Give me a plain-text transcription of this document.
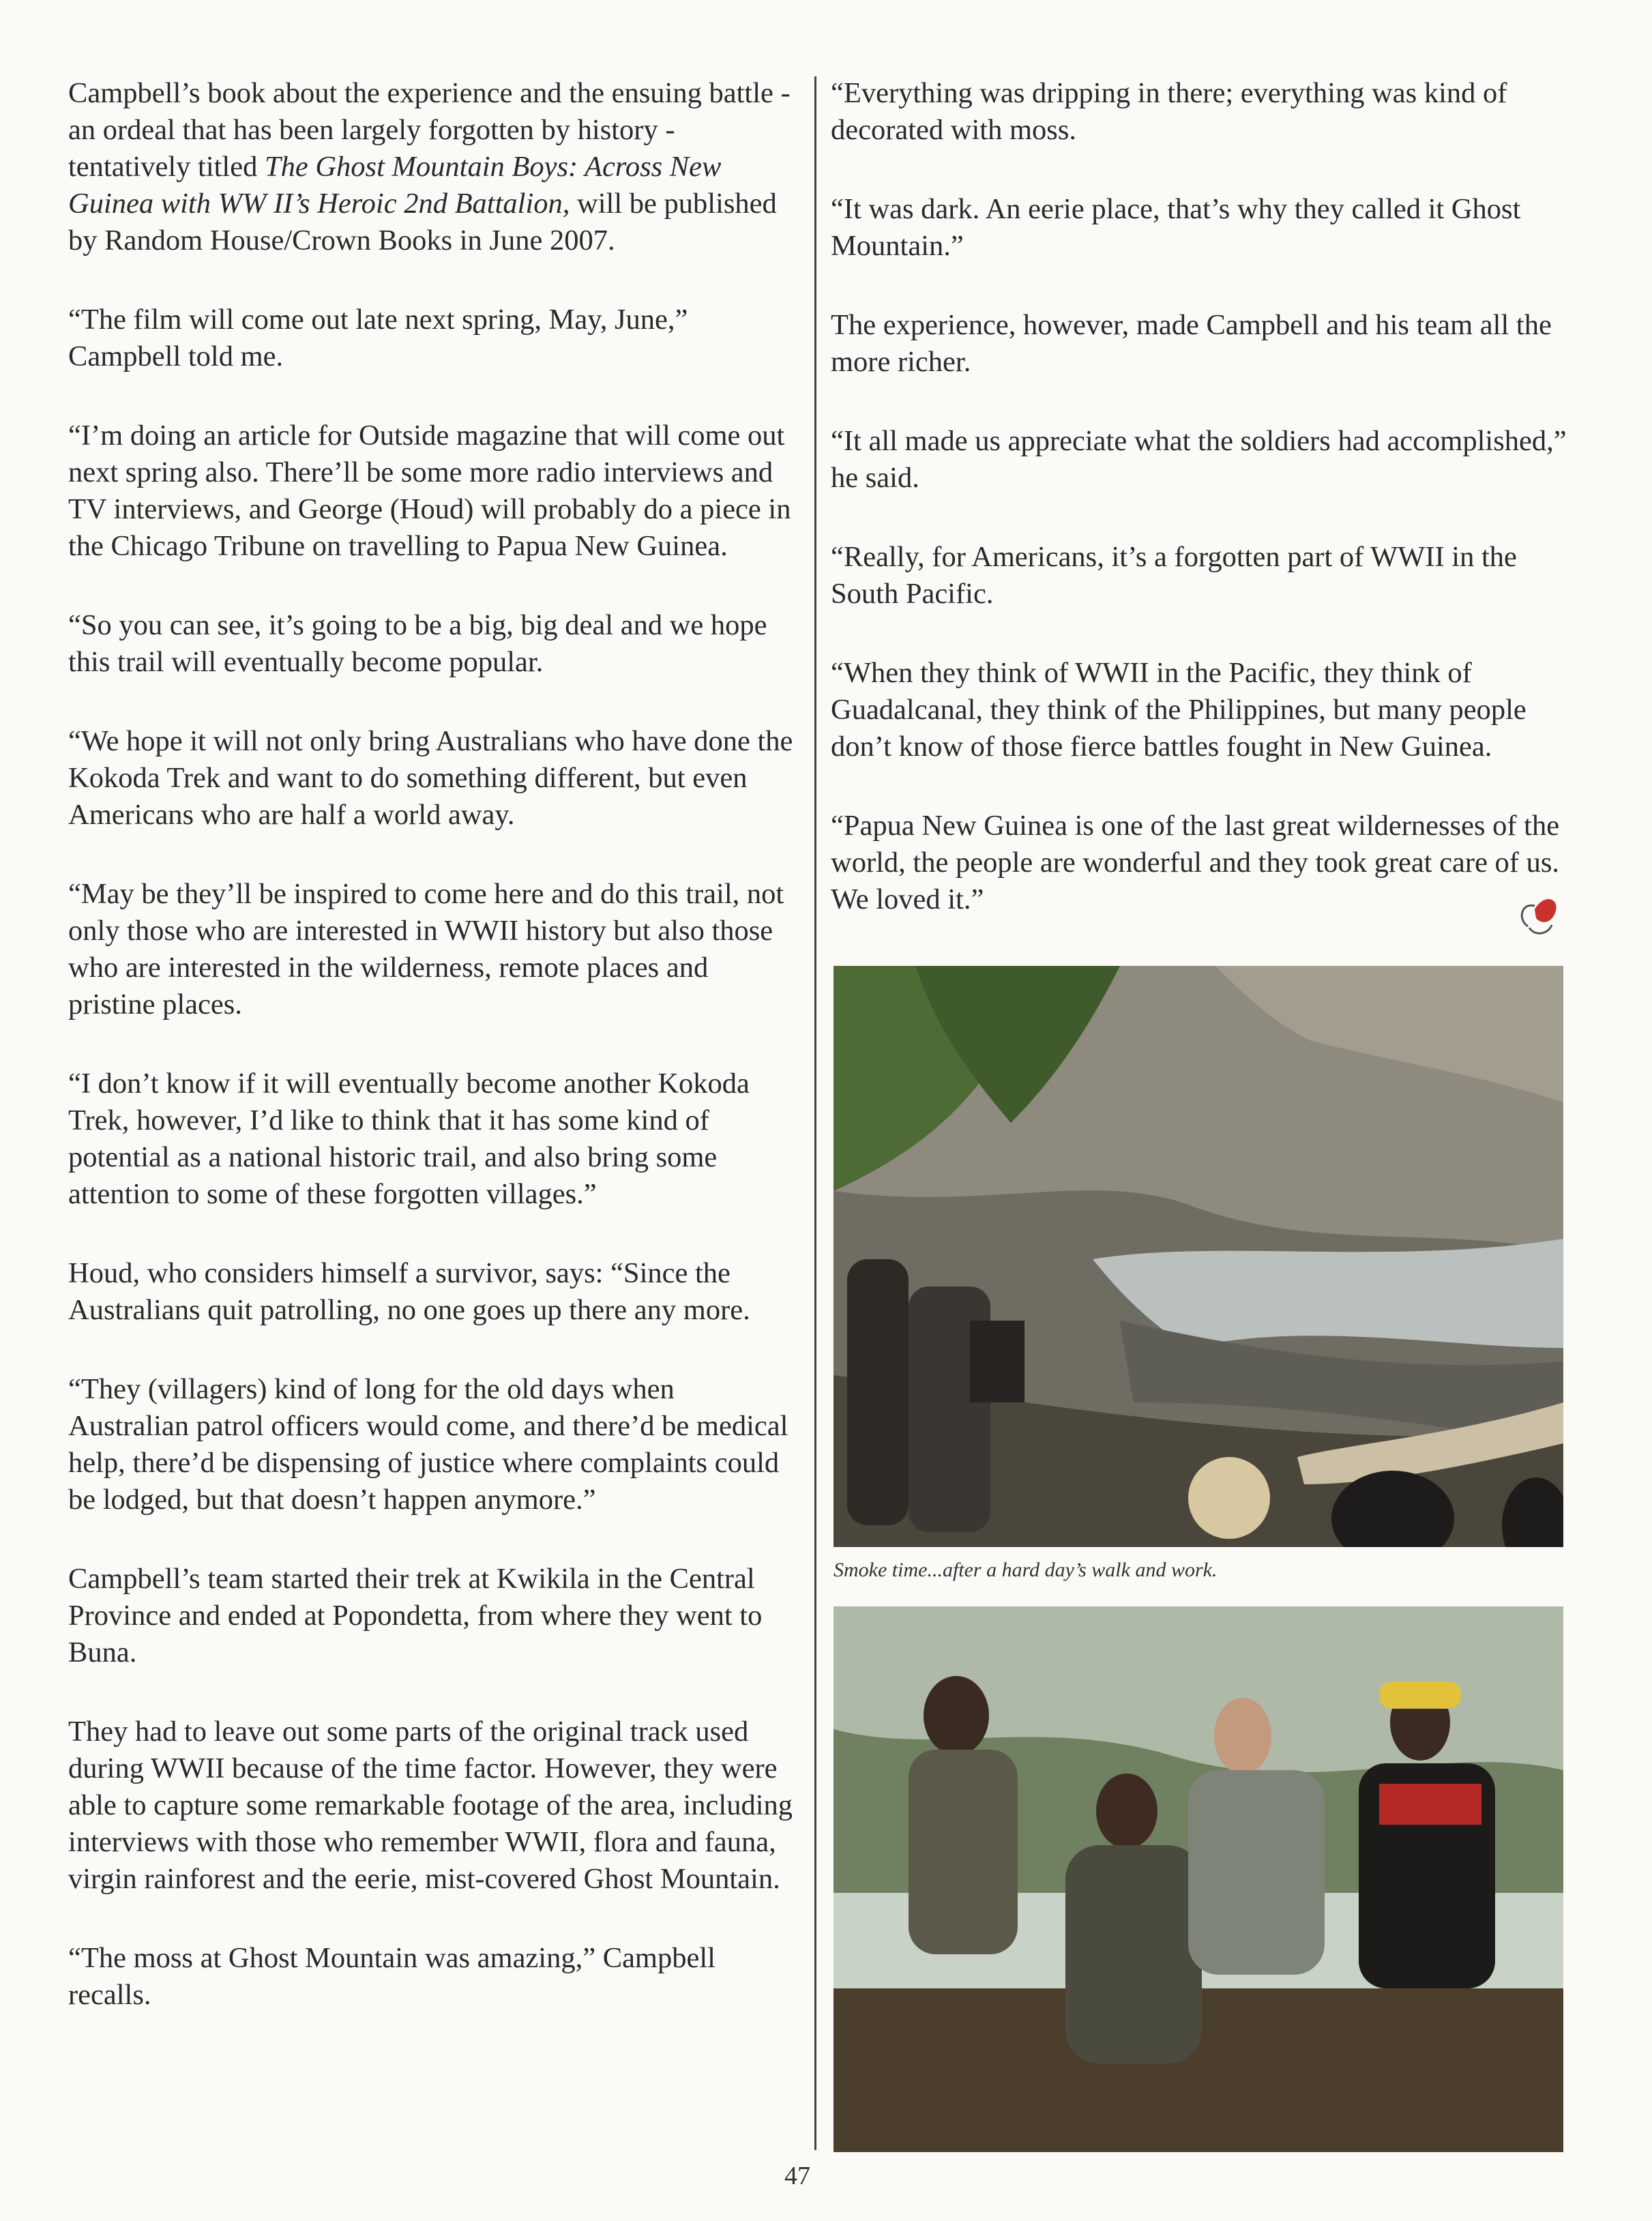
Campbell’s book about the experience and the ensuing battle - an ordeal that has been largely forgotten by history - tentatively titled The Ghost Mountain Boys: Across New Guinea with WW II’s Heroic 2nd Battalion, will be published by Random House/Crown Books in June 2007.

“The film will come out late next spring, May, June,” Campbell told me.

“I’m doing an article for Outside magazine that will come out next spring also. There’ll be some more radio interviews and TV interviews, and George (Houd) will probably do a piece in the Chicago Tribune on travelling to Papua New Guinea.

“So you can see, it’s going to be a big, big deal and we hope this trail will eventually become popular.

“We hope it will not only bring Australians who have done the Kokoda Trek and want to do something different, but even Americans who are half a world away.

“May be they’ll be inspired to come here and do this trail, not only those who are interested in WWII history but also those who are interested in the wilderness, remote places and pristine places.

“I don’t know if it will eventually become another Kokoda Trek, however, I’d like to think that it has some kind of potential as a national historic trail, and also bring some attention to some of these forgotten villages.”

Houd, who considers himself a survivor, says: “Since the Australians quit patrolling, no one goes up there any more.

“They (villagers) kind of long for the old days when Australian patrol officers would come, and there’d be medical help, there’d be dispensing of justice where complaints could be lodged, but that doesn’t happen anymore.”

Campbell’s team started their trek at Kwikila in the Central Province and ended at Popondetta, from where they went to Buna.

They had to leave out some parts of the original track used during WWII because of the time factor. However, they were able to capture some remarkable footage of the area, including interviews with those who remember WWII, flora and fauna, virgin rainforest and the eerie, mist-covered Ghost Mountain.

“The moss at Ghost Mountain was amazing,” Campbell recalls.

“Everything was dripping in there; everything was kind of decorated with moss.

“It was dark. An eerie place, that’s why they called it Ghost Mountain.”

The experience, however, made Campbell and his team all the more richer.

“It all made us appreciate what the soldiers had accomplished,” he said.

“Really, for Americans, it’s a forgotten part of WWII in the South Pacific.

“When they think of WWII in the Pacific, they think of Guadalcanal, they think of the Philippines, but many people don’t know of those fierce battles fought in New Guinea.

“Papua New Guinea is one of the last great wildernesses of the world, the people are wonderful and they took great care of us. We loved it.”

Smoke time...after a hard day’s walk and work.
47
